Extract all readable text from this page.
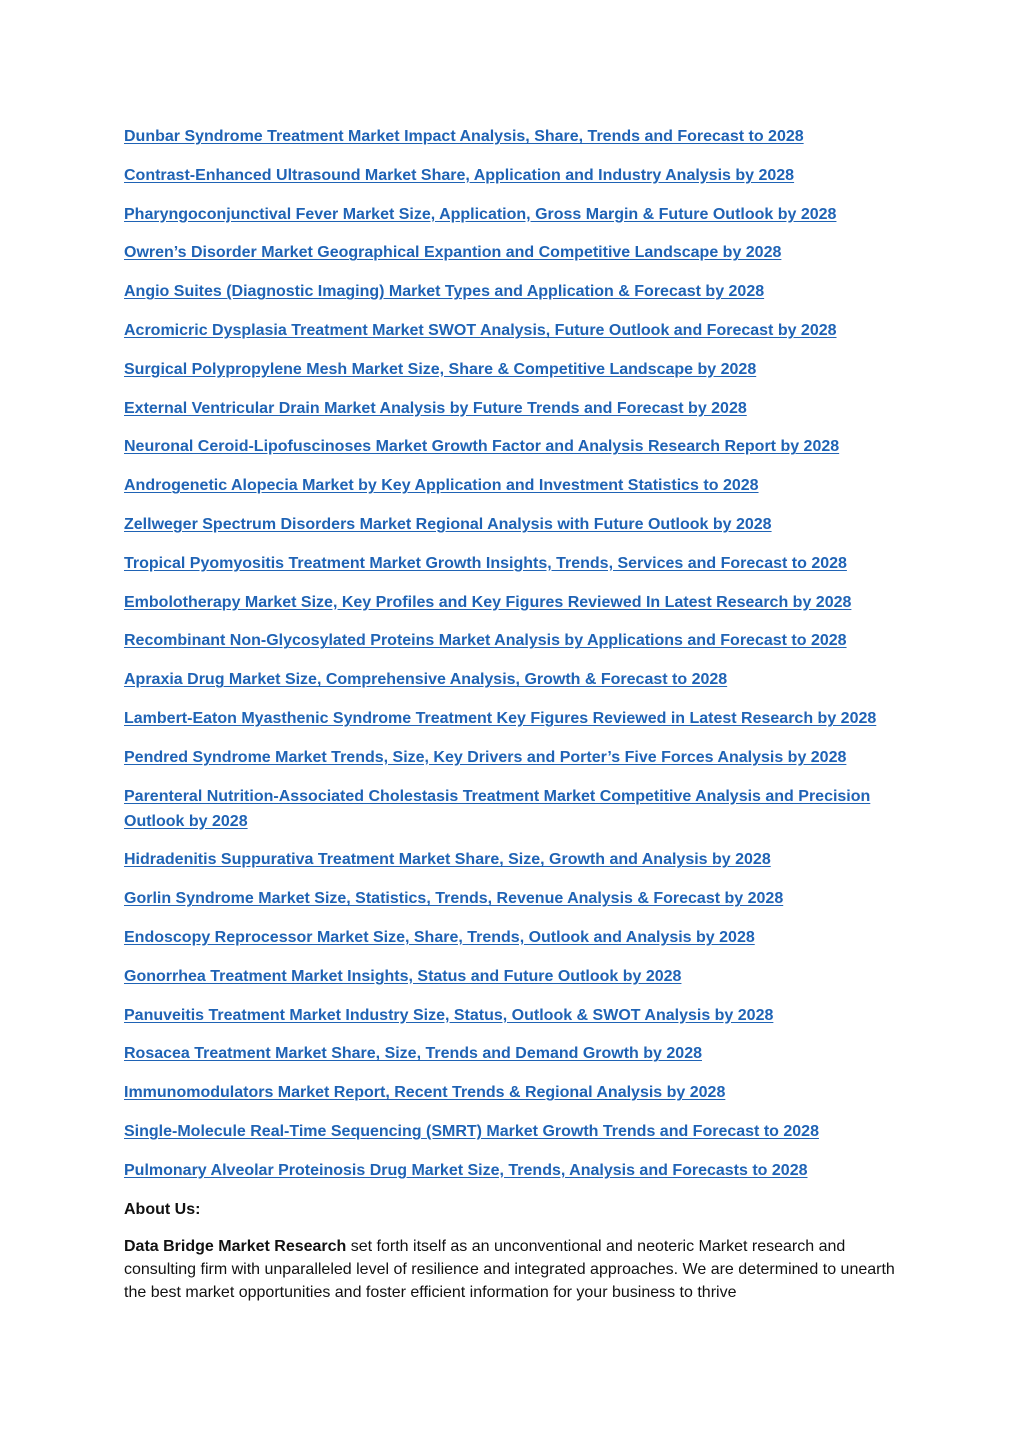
Dunbar Syndrome Treatment Market Impact Analysis, Share, Trends and Forecast to 2028
Contrast-Enhanced Ultrasound Market Share, Application and Industry Analysis by 2028
Pharyngoconjunctival Fever Market Size, Application, Gross Margin & Future Outlook by 2028
Owren’s Disorder Market Geographical Expantion and Competitive Landscape by 2028
Angio Suites (Diagnostic Imaging) Market Types and Application & Forecast by 2028
Acromicric Dysplasia Treatment Market SWOT Analysis, Future Outlook and Forecast by 2028
Surgical Polypropylene Mesh Market Size, Share & Competitive Landscape by 2028
External Ventricular Drain Market Analysis by Future Trends and Forecast by 2028
Neuronal Ceroid-Lipofuscinoses Market Growth Factor and Analysis Research Report by 2028
Androgenetic Alopecia Market by Key Application and Investment Statistics to 2028
Zellweger Spectrum Disorders Market Regional Analysis with Future Outlook by 2028
Tropical Pyomyositis Treatment Market Growth Insights, Trends, Services and Forecast to 2028
Embolotherapy Market Size, Key Profiles and Key Figures Reviewed In Latest Research by 2028
Recombinant Non-Glycosylated Proteins Market Analysis by Applications and Forecast to 2028
Apraxia Drug Market Size, Comprehensive Analysis, Growth & Forecast to 2028
Lambert-Eaton Myasthenic Syndrome Treatment Key Figures Reviewed in Latest Research by 2028
Pendred Syndrome Market Trends, Size, Key Drivers and Porter’s Five Forces Analysis by 2028
Parenteral Nutrition-Associated Cholestasis Treatment Market Competitive Analysis and Precision Outlook by 2028
Hidradenitis Suppurativa Treatment Market Share, Size, Growth and Analysis by 2028
Gorlin Syndrome Market Size, Statistics, Trends, Revenue Analysis & Forecast by 2028
Endoscopy Reprocessor Market Size, Share, Trends, Outlook and Analysis by 2028
Gonorrhea Treatment Market Insights, Status and Future Outlook by 2028
Panuveitis Treatment Market Industry Size, Status, Outlook & SWOT Analysis by 2028
Rosacea Treatment Market Share, Size, Trends and Demand Growth by 2028
Immunomodulators Market Report, Recent Trends & Regional Analysis by 2028
Single-Molecule Real-Time Sequencing (SMRT) Market Growth Trends and Forecast to 2028
Pulmonary Alveolar Proteinosis Drug Market Size, Trends, Analysis and Forecasts to 2028
About Us:

Data Bridge Market Research set forth itself as an unconventional and neoteric Market research and consulting firm with unparalleled level of resilience and integrated approaches. We are determined to unearth the best market opportunities and foster efficient information for your business to thrive
